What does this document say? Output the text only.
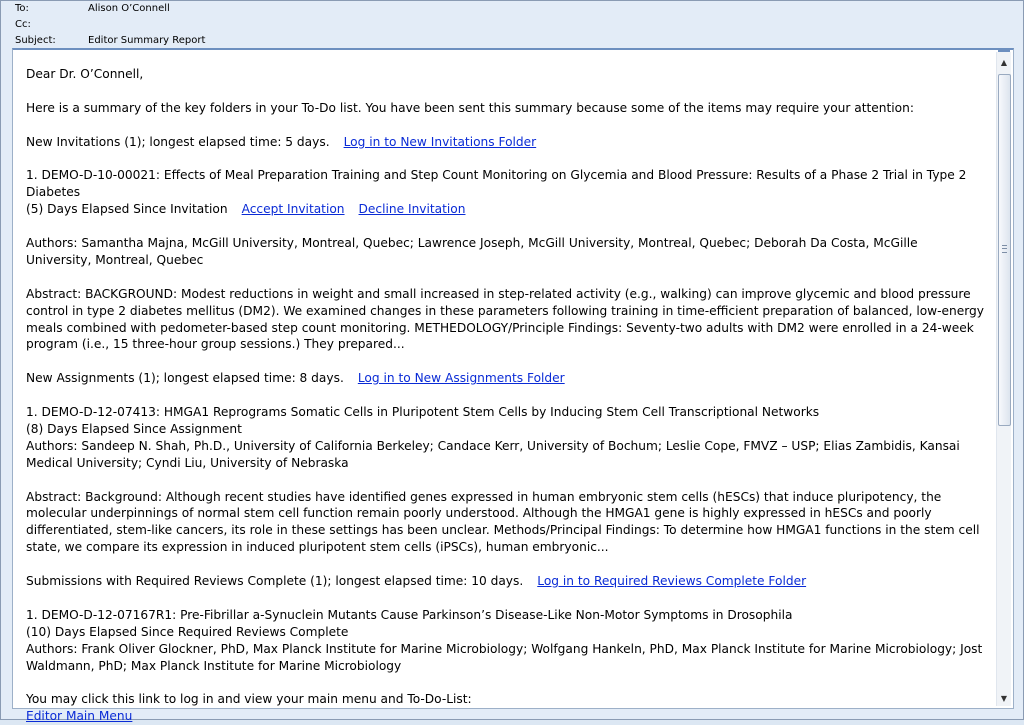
To:	Alison O’Connell
Cc:
Subject:	Editor Summary Report

Dear Dr. O’Connell,

Here is a summary of the key folders in your To-Do list. You have been sent this summary because some of the items may require your attention:

New Invitations (1); longest elapsed time: 5 days. Log in to New Invitations Folder

1. DEMO-D-10-00021: Effects of Meal Preparation Training and Step Count Monitoring on Glycemia and Blood Pressure: Results of a Phase 2 Trial in Type 2 Diabetes

(5) Days Elapsed Since Invitation Accept Invitation Decline Invitation

Authors: Samantha Majna, McGill University, Montreal, Quebec; Lawrence Joseph, McGill University, Montreal, Quebec; Deborah Da Costa, McGille University, Montreal, Quebec

Abstract: BACKGROUND: Modest reductions in weight and small increased in step-related activity (e.g., walking) can improve glycemic and blood pressure control in type 2 diabetes mellitus (DM2). We examined changes in these parameters following training in time-efficient preparation of balanced, low-energy meals combined with pedometer-based step count monitoring. METHEDOLOGY/Principle Findings: Seventy-two adults with DM2 were enrolled in a 24-week program (i.e., 15 three-hour group sessions.) They prepared...

New Assignments (1); longest elapsed time: 8 days. Log in to New Assignments Folder

1. DEMO-D-12-07413: HMGA1 Reprograms Somatic Cells in Pluripotent Stem Cells by Inducing Stem Cell Transcriptional Networks

(8) Days Elapsed Since Assignment

Authors: Sandeep N. Shah, Ph.D., University of California Berkeley; Candace Kerr, University of Bochum; Leslie Cope, FMVZ – USP; Elias Zambidis, Kansai Medical University; Cyndi Liu, University of Nebraska

Abstract: Background: Although recent studies have identified genes expressed in human embryonic stem cells (hESCs) that induce pluripotency, the molecular underpinnings of normal stem cell function remain poorly understood. Although the HMGA1 gene is highly expressed in hESCs and poorly differentiated, stem-like cancers, its role in these settings has been unclear. Methods/Principal Findings: To determine how HMGA1 functions in the stem cell state, we compare its expression in induced pluripotent stem cells (iPSCs), human embryonic...

Submissions with Required Reviews Complete (1); longest elapsed time: 10 days. Log in to Required Reviews Complete Folder

1. DEMO-D-12-07167R1: Pre-Fibrillar a-Synuclein Mutants Cause Parkinson’s Disease-Like Non-Motor Symptoms in Drosophila

(10) Days Elapsed Since Required Reviews Complete

Authors: Frank Oliver Glockner, PhD, Max Planck Institute for Marine Microbiology; Wolfgang Hankeln, PhD, Max Planck Institute for Marine Microbiology; Jost Waldmann, PhD; Max Planck Institute for Marine Microbiology

You may click this link to log in and view your main menu and To-Do-List:

Editor Main Menu

▲
▼
